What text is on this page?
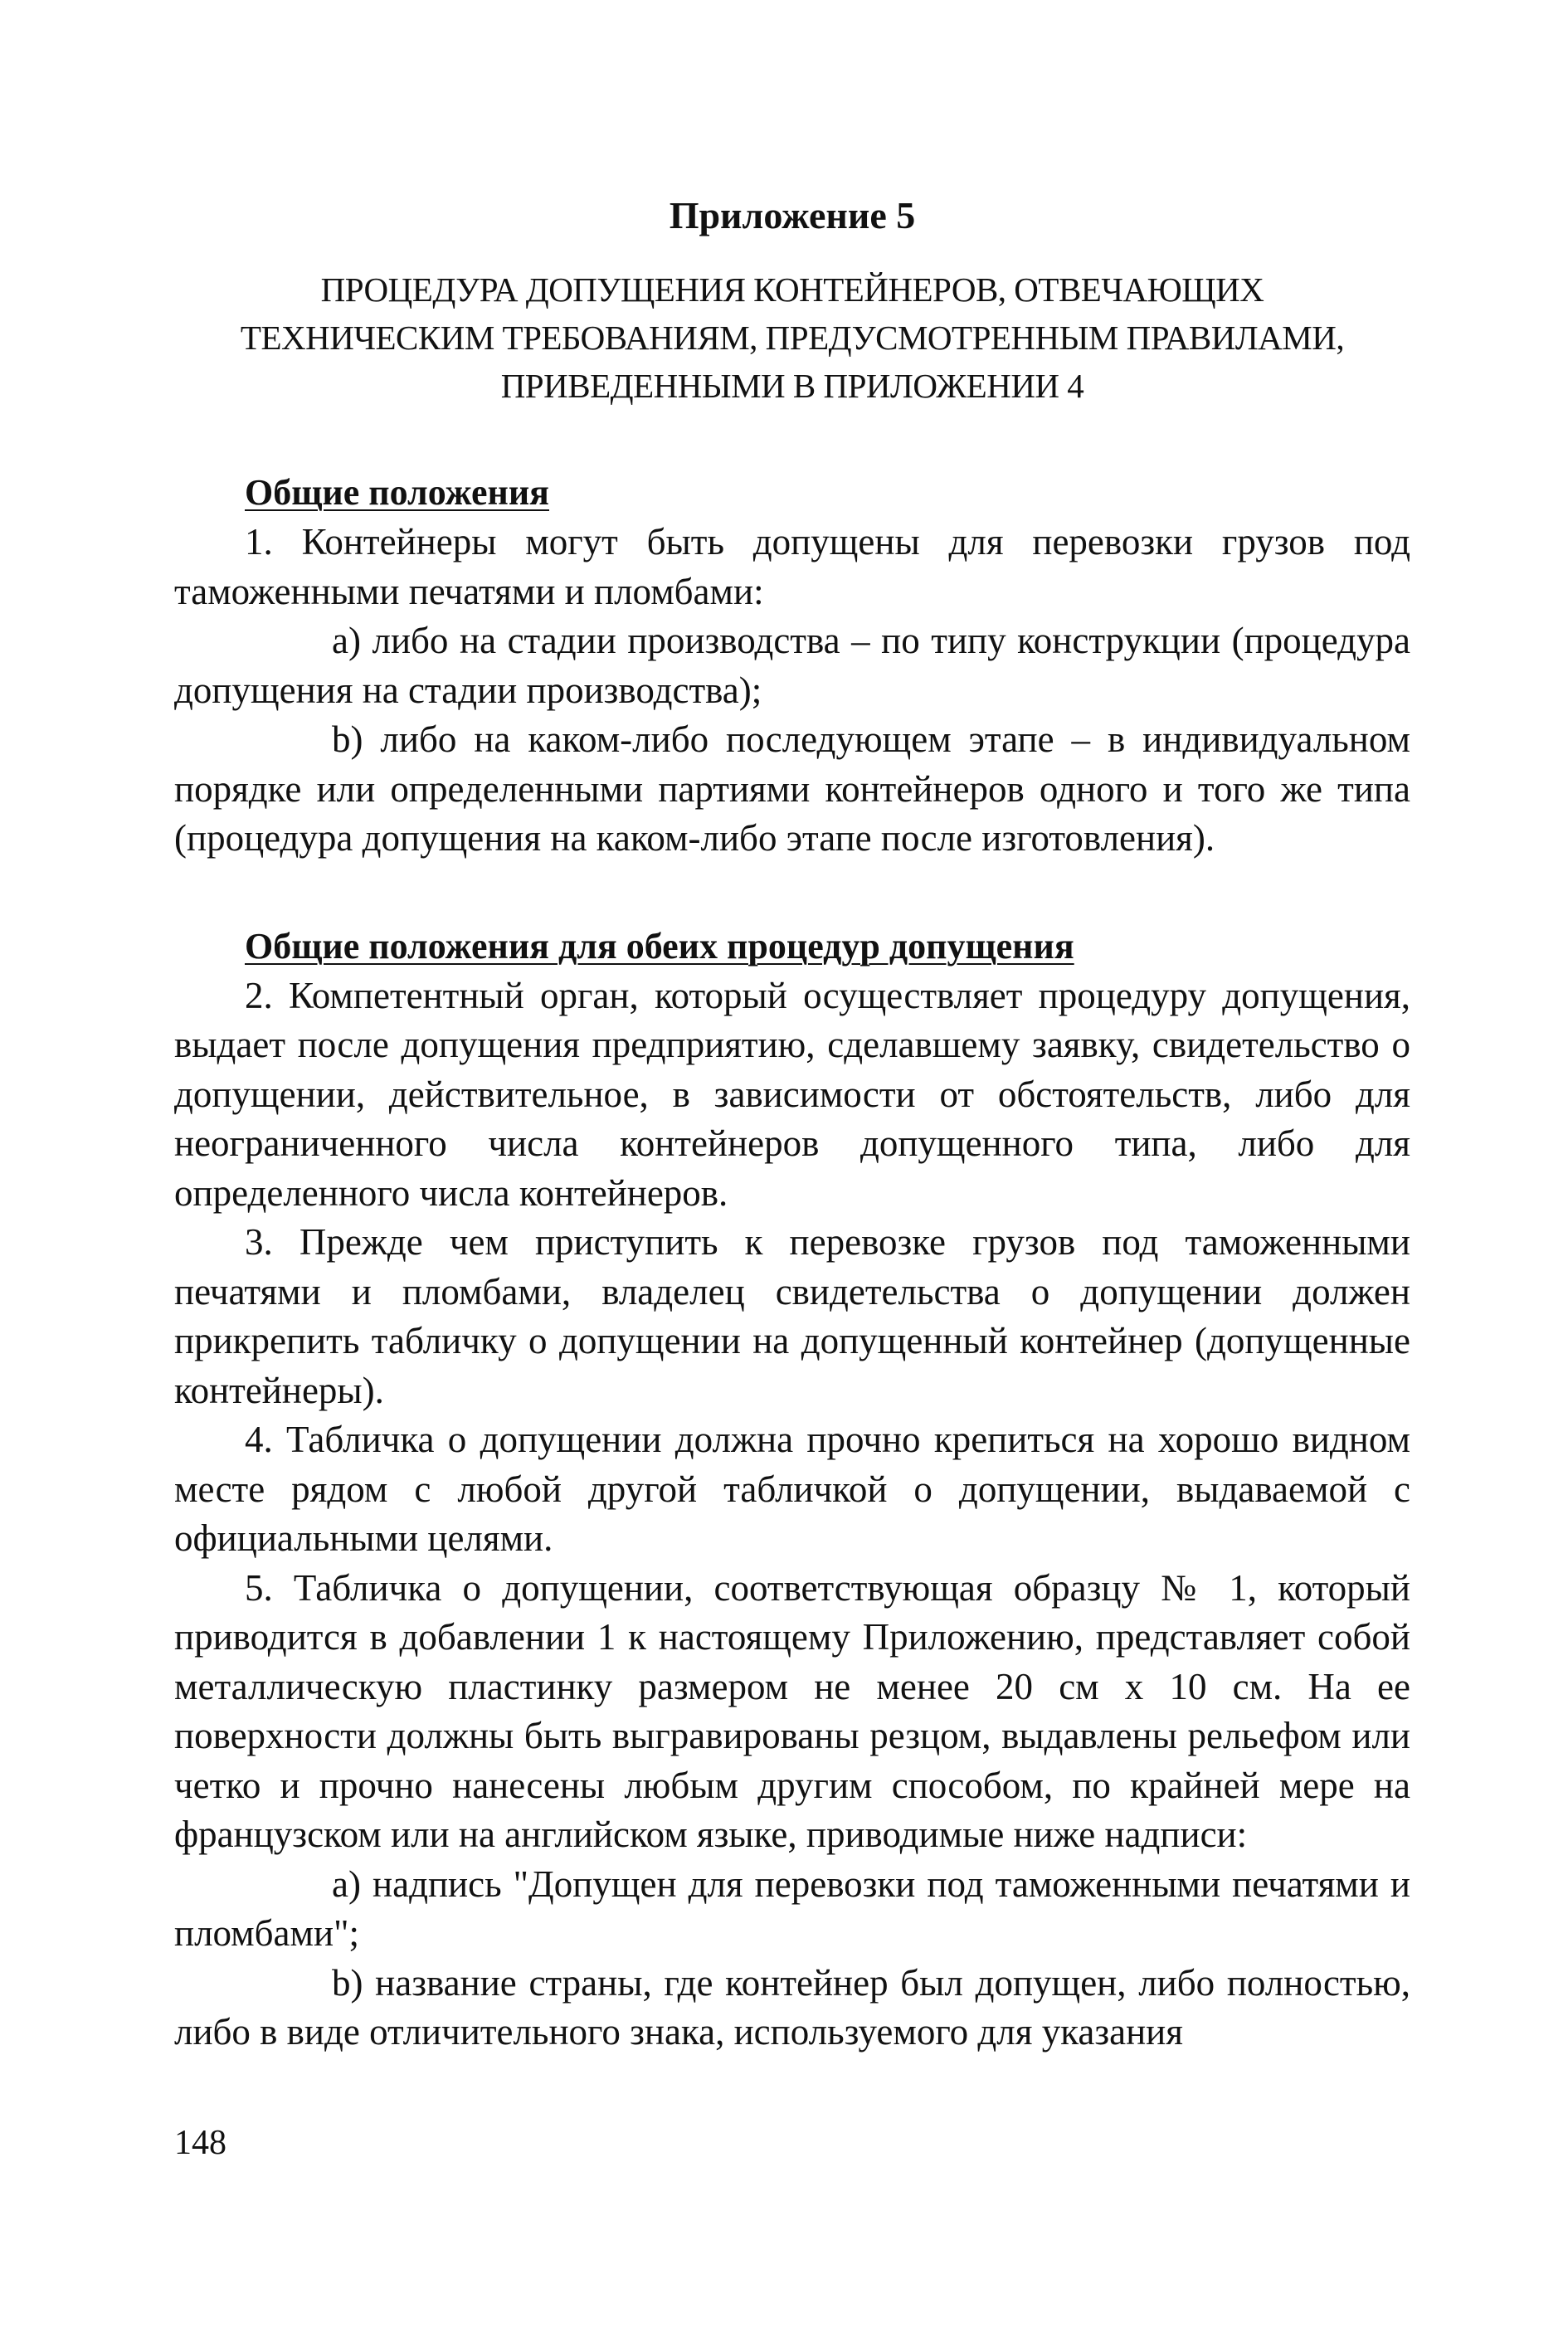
Приложение 5
ПРОЦЕДУРА ДОПУЩЕНИЯ КОНТЕЙНЕРОВ, ОТВЕЧАЮЩИХ
ТЕХНИЧЕСКИМ ТРЕБОВАНИЯМ, ПРЕДУСМОТРЕННЫМ ПРАВИЛАМИ,
ПРИВЕДЕННЫМИ В ПРИЛОЖЕНИИ 4
Общие положения

1. Контейнеры могут быть допущены для перевозки грузов под таможенными печатями и пломбами:

a) либо на стадии производства – по типу конструкции (процедура допущения на стадии производства);

b) либо на каком-либо последующем этапе – в индивидуальном порядке или определенными партиями контейнеров одного и того же типа (процедура допущения на каком-либо этапе после изготовления).

Общие положения для обеих процедур допущения

2. Компетентный орган, который осуществляет процедуру допущения, выдает после допущения предприятию, сделавшему заявку, свидетельство о допущении, действительное, в зависимости от обстоятельств, либо для неограниченного числа контейнеров допущенного типа, либо для определенного числа контейнеров.

3. Прежде чем приступить к перевозке грузов под таможенными печатями и пломбами, владелец свидетельства о допущении должен прикрепить табличку о допущении на допущенный контейнер (допущенные контейнеры).

4. Табличка о допущении должна прочно крепиться на хорошо видном месте рядом с любой другой табличкой о допущении, выдаваемой с официальными целями.

5. Табличка о допущении, соответствующая образцу № 1, который приводится в добавлении 1 к настоящему Приложению, представляет собой металлическую пластинку размером не менее 20 см x 10 см. На ее поверхности должны быть выгравированы резцом, выдавлены рельефом или четко и прочно нанесены любым другим способом, по крайней мере на французском или на английском языке, приводимые ниже надписи:

a) надпись "Допущен для перевозки под таможенными печатями и пломбами";

b) название страны, где контейнер был допущен, либо полностью, либо в виде отличительного знака, используемого для указания

148
